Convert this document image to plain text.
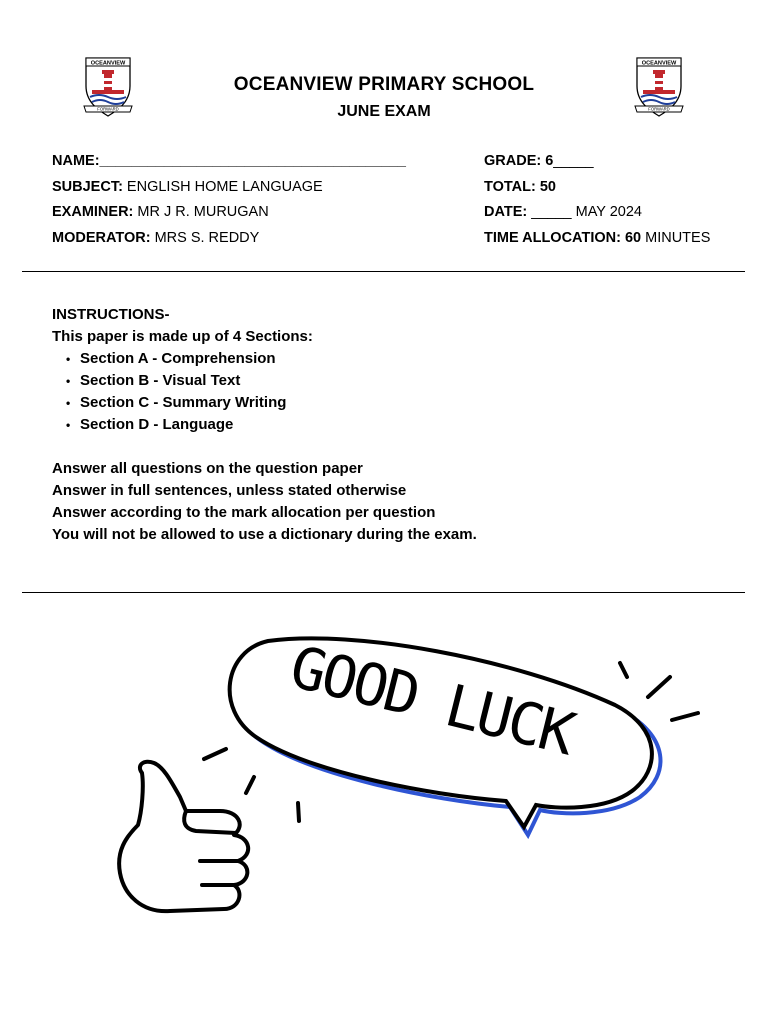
OCEANVIEW
FORWARD
OCEANVIEW
FORWARD
OCEANVIEW PRIMARY SCHOOL
JUNE EXAM
NAME:______________________________________
SUBJECT: ENGLISH HOME LANGUAGE
EXAMINER: MR J R. MURUGAN
MODERATOR: MRS S. REDDY
GRADE: 6_____
TOTAL: 50
DATE: _____ MAY 2024
TIME ALLOCATION: 60 MINUTES
INSTRUCTIONS-
This paper is made up of 4 Sections:
• Section A - Comprehension
• Section B - Visual Text
• Section C - Summary Writing
• Section D - Language
Answer all questions on the question paper
Answer in full sentences, unless stated otherwise
Answer according to the mark allocation per question
You will not be allowed to use a dictionary during the exam.
GOOD LUCK
